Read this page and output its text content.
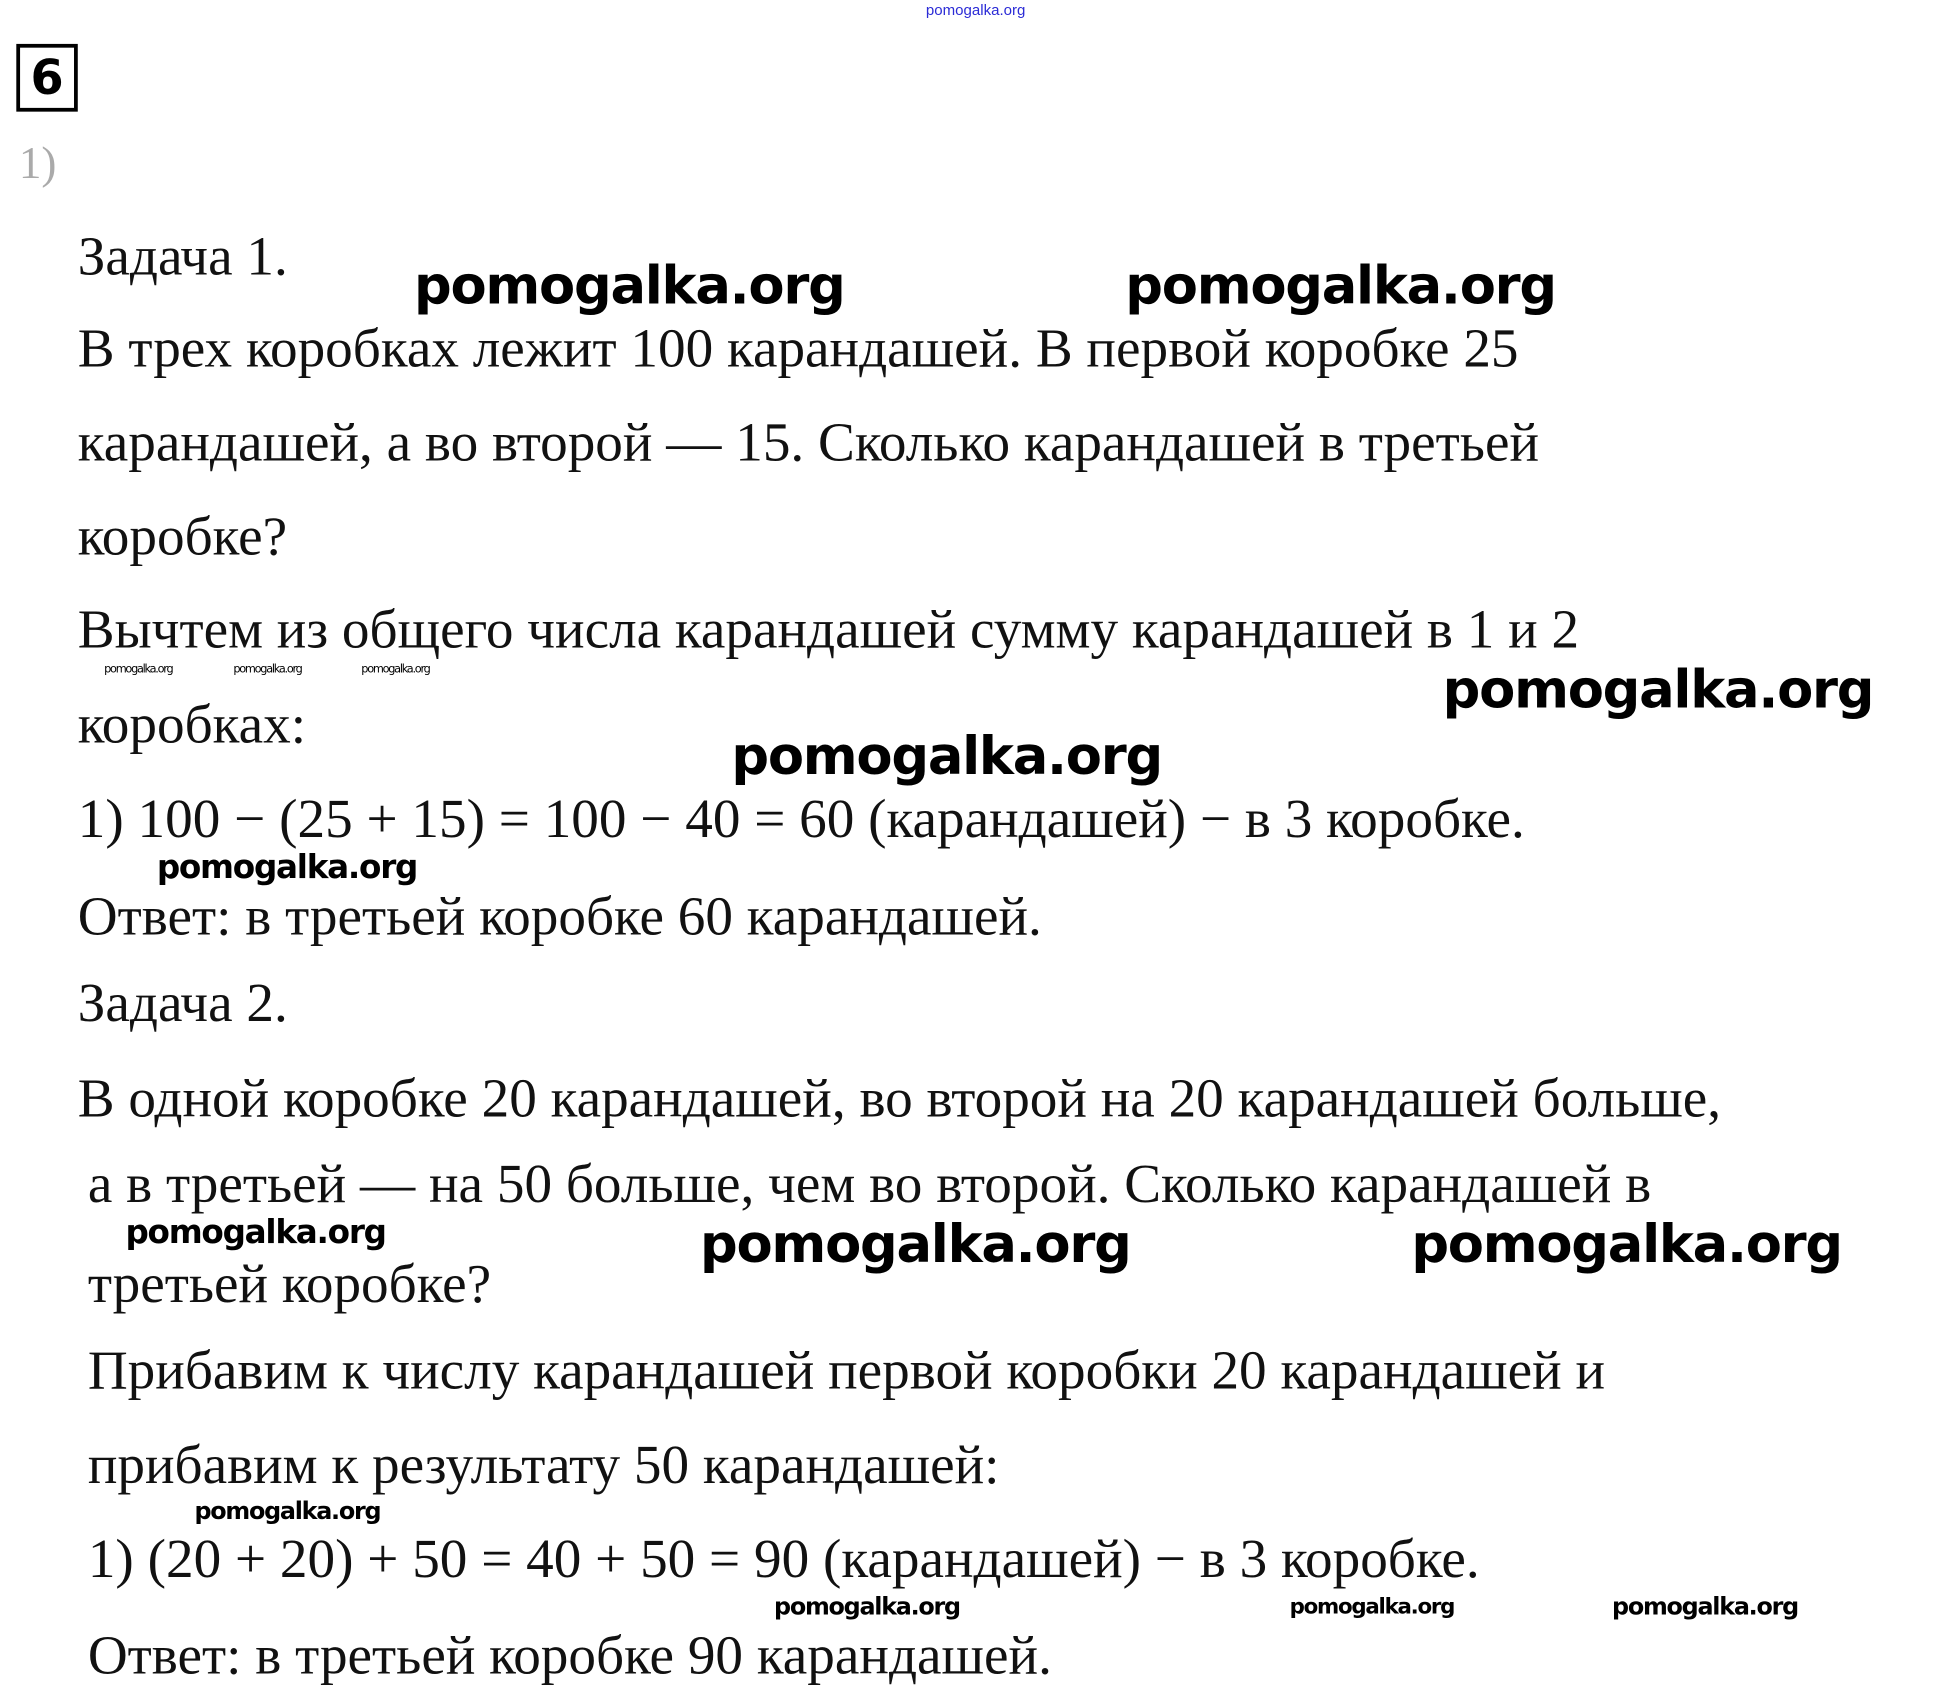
pomogalka.org
6
1)
Задача 1.
В трех коробках лежит 100 карандашей. В первой коробке 25
карандашей, а во второй — 15. Сколько карандашей в третьей
коробке?
Вычтем из общего числа карандашей сумму карандашей в 1 и 2
коробках:
1) 100 − (25 + 15) = 100 − 40 = 60 (карандашей) − в 3 коробке.
Ответ: в третьей коробке 60 карандашей.
Задача 2.
В одной коробке 20 карандашей, во второй на 20 карандашей больше,
а в третьей — на 50 больше, чем во второй. Сколько карандашей в
третьей коробке?
Прибавим к числу карандашей первой коробки 20 карандашей и
прибавим к результату 50 карандашей:
1) (20 + 20) + 50 = 40 + 50 = 90 (карандашей) − в 3 коробке.
Ответ: в третьей коробке 90 карандашей.
pomogalka.org	pomogalka.org
pomogalka.org
pomogalka.org
pomogalka.org	pomogalka.org
pomogalka.org
pomogalka.org
pomogalka.org
pomogalka.org	pomogalka.org	pomogalka.org
pomogalka.org	pomogalka.org	pomogalka.org
